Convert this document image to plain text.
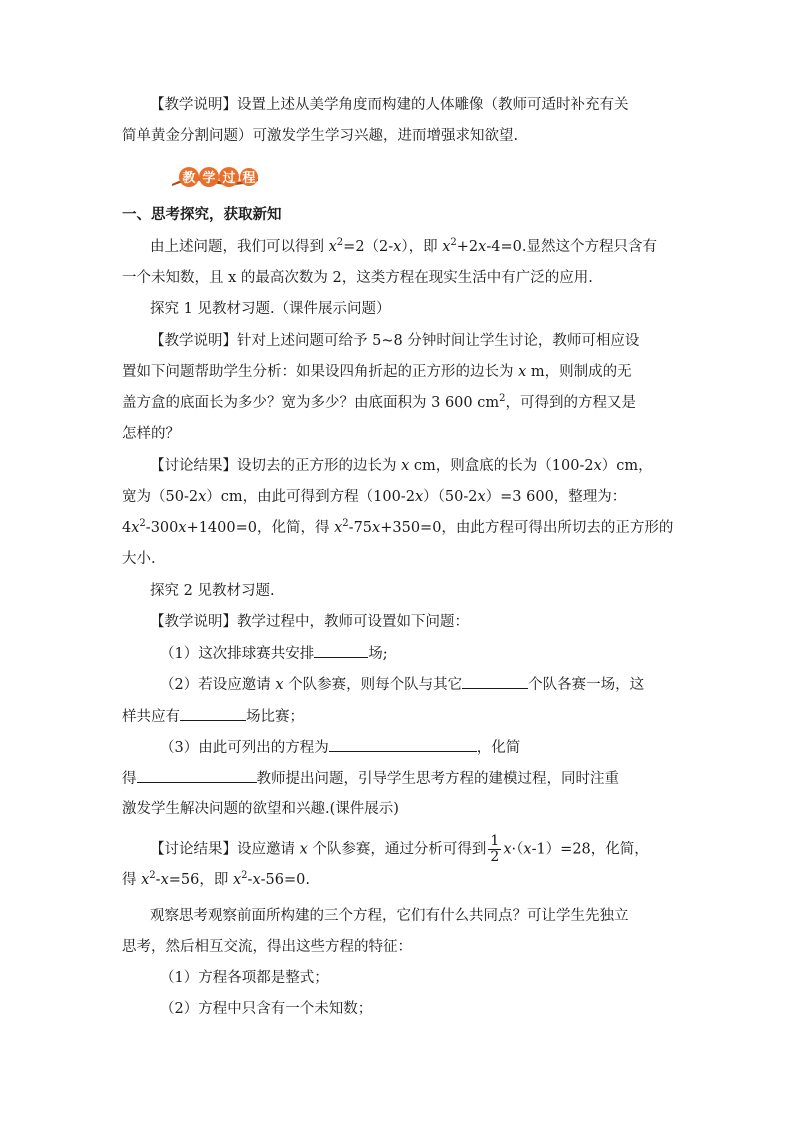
【教学说明】设置上述从美学角度而构建的人体雕像（教师可适时补充有关
简单黄金分割问题）可激发学生学习兴趣，进而增强求知欲望.
教 学 过 程
一、思考探究，获取新知
由上述问题，我们可以得到 $x^2=2(2-x)$，即 $x^2+2x-4=0$.显然这个方程只含有
一个未知数，且 x 的最高次数为 2，这类方程在现实生活中有广泛的应用.
探究 1 见教材习题.（课件展示问题）
【教学说明】针对上述问题可给予 5~8 分钟时间让学生讨论，教师可相应设
置如下问题帮助学生分析：如果设四角折起的正方形的边长为 x m，则制成的无
盖方盒的底面长为多少？宽为多少？由底面积为 3 600 $cm^2$，可得到的方程又是
怎样的？
【讨论结果】设切去的正方形的边长为 x cm，则盒底的长为（100-2x）cm，
宽为（50-2x）cm，由此可得到方程（100-2x）（50-2x）=3 600，整理为：
$4x^2-300x+1400=0$，化简，得 $x^2-75x+350=0$，由此方程可得出所切去的正方形的
大小.
探究 2 见教材习题.
【教学说明】教学过程中，教师可设置如下问题：
（1）这次排球赛共安排	场;
（2）若设应邀请 x 个队参赛，则每个队与其它	个队各赛一场，这
样共应有	场比赛；
（3）由此可列出的方程为	，化简
得	教师提出问题，引导学生思考方程的建模过程，同时注重
激发学生解决问题的欲望和兴趣.(课件展示)
【讨论结果】设应邀请 x 个队参赛，通过分析可得到 $\frac{1}{2} x\cdot(x-1)=28$，化简，
得 $x^2-x=56$，即 $x^2-x-56=0$.
观察思考观察前面所构建的三个方程，它们有什么共同点？可让学生先独立
思考，然后相互交流，得出这些方程的特征：
（1）方程各项都是整式；
（2）方程中只含有一个未知数；
